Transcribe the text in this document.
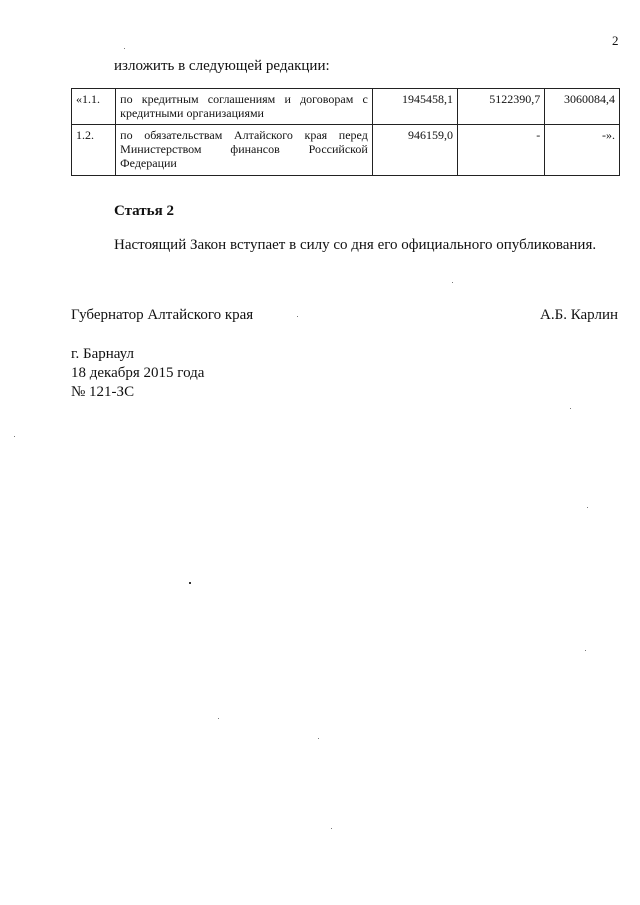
2
изложить в следующей редакции:
«1.1.	по кредитным соглашениям и договорам с
кредитными организациями	1945458,1	5122390,7	3060084,4
1.2.	по обязательствам Алтайского края перед
Министерством финансов Российской
Федерации	946159,0	-	-».
Статья 2
Настоящий Закон вступает в силу со дня его официального опубликования.
Губернатор Алтайского края	А.Б. Карлин
г. Барнаул
18 декабря 2015 года
№ 121-ЗС
